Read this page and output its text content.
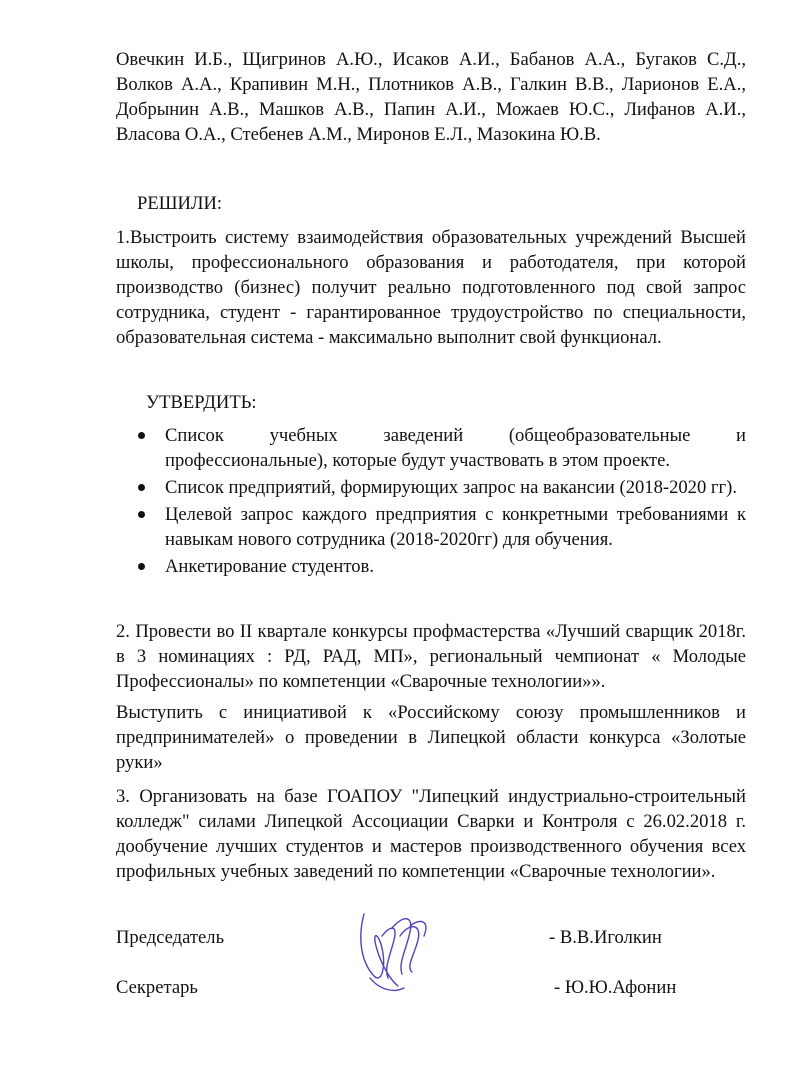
Овечкин И.Б., Щигринов А.Ю., Исаков А.И., Бабанов А.А., Бугаков С.Д., Волков А.А., Крапивин М.Н., Плотников А.В., Галкин В.В., Ларионов Е.А., Добрынин А.В., Машков А.В., Папин А.И., Можаев Ю.С., Лифанов А.И., Власова О.А., Стебенев А.М., Миронов Е.Л., Мазокина Ю.В.

РЕШИЛИ:

1.Выстроить систему взаимодействия образовательных учреждений Высшей школы, профессионального образования и работодателя, при которой производство (бизнес) получит реально подготовленного под свой запрос сотрудника, студент - гарантированное трудоустройство по специальности, образовательная система - максимально выполнит свой функционал.

УТВЕРДИТЬ:

Список учебных заведений (общеобразовательные и профессиональные), которые будут участвовать в этом проекте.
Список предприятий, формирующих запрос на вакансии (2018-2020 гг).
Целевой запрос каждого предприятия с конкретными требованиями к навыкам нового сотрудника (2018-2020гг) для обучения.
Анкетирование студентов.

2. Провести во II квартале конкурсы профмастерства «Лучший сварщик 2018г. в 3 номинациях : РД, РАД, МП», региональный чемпионат « Молодые Профессионалы» по компетенции «Сварочные технологии»».

Выступить с инициативой к «Российскому союзу промышленников и предпринимателей» о проведении в Липецкой области конкурса «Золотые руки»

3. Организовать на базе ГОАПОУ "Липецкий индустриально-строительный колледж" силами Липецкой Ассоциации Сварки и Контроля с 26.02.2018 г. дообучение лучших студентов и мастеров производственного обучения всех профильных учебных заведений по компетенции «Сварочные технологии».

Председатель	- В.В.Иголкин

Секретарь	- Ю.Ю.Афонин
